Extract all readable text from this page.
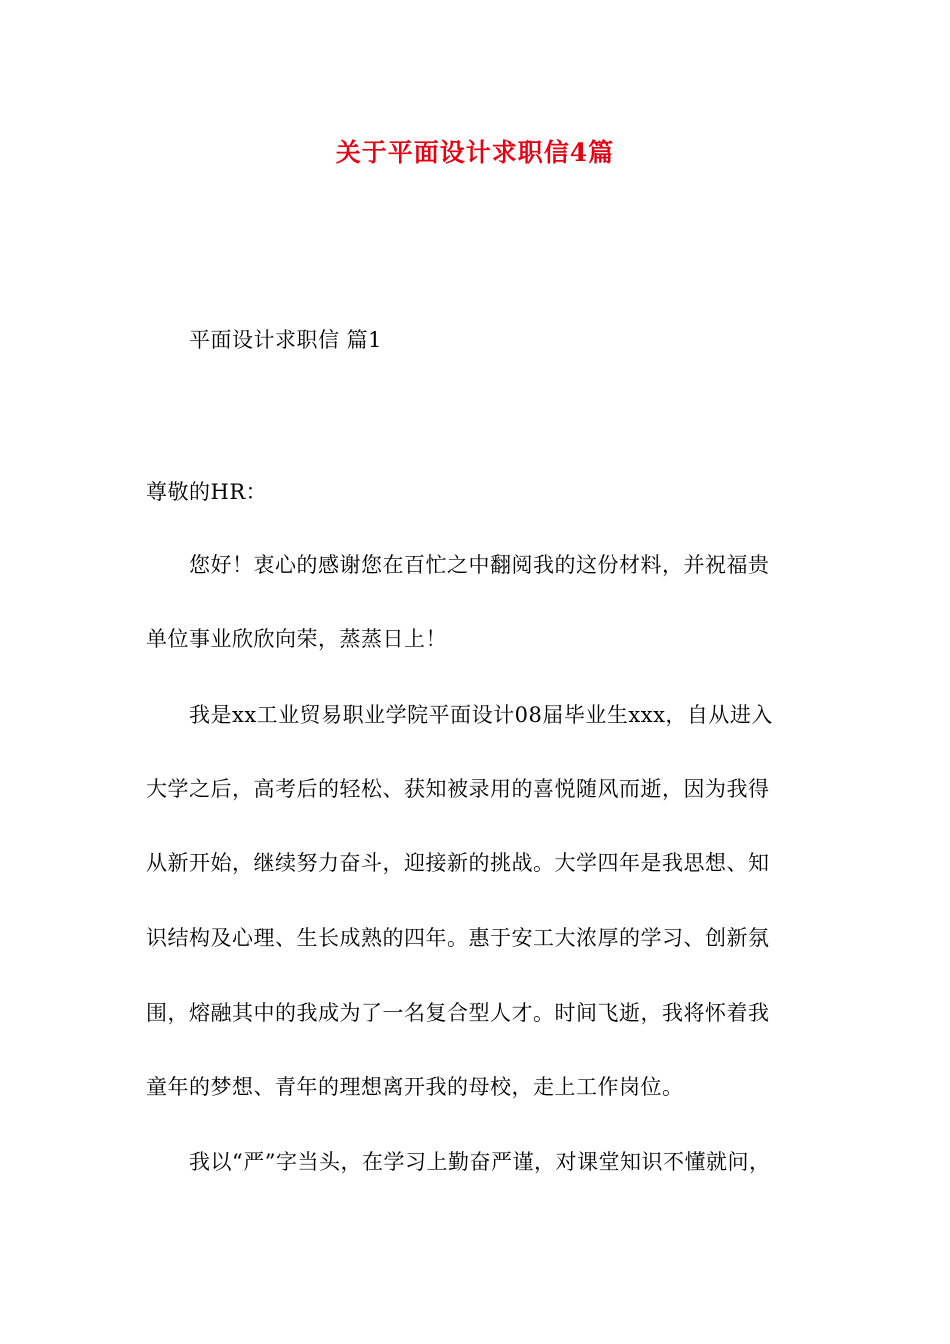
关于平面设计求职信4篇
平面设计求职信 篇1
尊敬的HR：
您好！衷心的感谢您在百忙之中翻阅我的这份材料，并祝福贵
单位事业欣欣向荣，蒸蒸日上！
我是xx工业贸易职业学院平面设计08届毕业生xxx，自从进入
大学之后，高考后的轻松、获知被录用的喜悦随风而逝，因为我得
从新开始，继续努力奋斗，迎接新的挑战。大学四年是我思想、知
识结构及心理、生长成熟的四年。惠于安工大浓厚的学习、创新氛
围，熔融其中的我成为了一名复合型人才。时间飞逝，我将怀着我
童年的梦想、青年的理想离开我的母校，走上工作岗位。
我以“严”字当头，在学习上勤奋严谨，对课堂知识不懂就问，
